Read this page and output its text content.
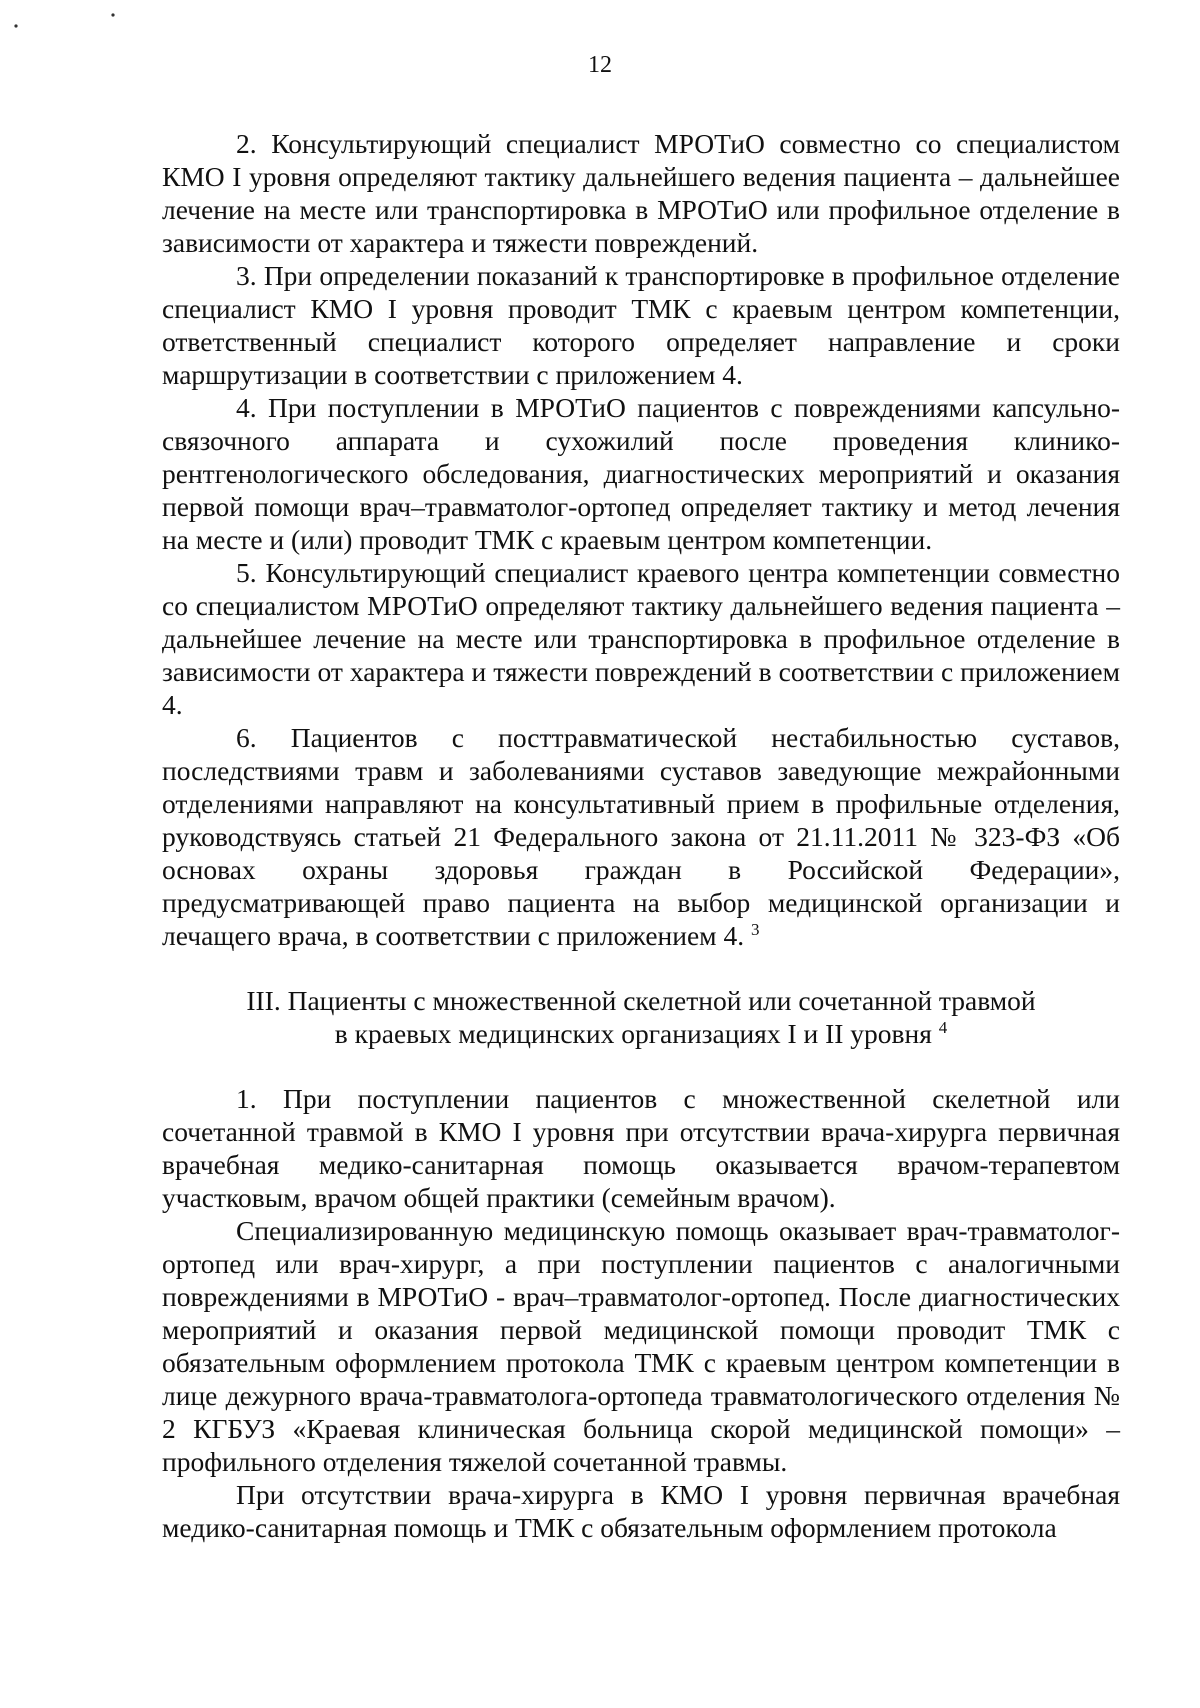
12

2. Консультирующий специалист МРОТиО совместно со специалистом КМО I уровня определяют тактику дальнейшего ведения пациента – дальнейшее лечение на месте или транспортировка в МРОТиО или профильное отделение в зависимости от характера и тяжести повреждений.

3. При определении показаний к транспортировке в профильное отделение специалист КМО I уровня проводит ТМК с краевым центром компетенции, ответственный специалист которого определяет направление и сроки маршрутизации в соответствии с приложением 4.

4. При поступлении в МРОТиО пациентов с повреждениями капсульно-связочного аппарата и сухожилий после проведения клинико-рентгенологического обследования, диагностических мероприятий и оказания первой помощи врач–травматолог-ортопед определяет тактику и метод лечения на месте и (или) проводит ТМК с краевым центром компетенции.

5. Консультирующий специалист краевого центра компетенции совместно со специалистом МРОТиО определяют тактику дальнейшего ведения пациента – дальнейшее лечение на месте или транспортировка в профильное отделение в зависимости от характера и тяжести повреждений в соответствии с приложением 4.

6. Пациентов с посттравматической нестабильностью суставов, последствиями травм и заболеваниями суставов заведующие межрайонными отделениями направляют на консультативный прием в профильные отделения, руководствуясь статьей 21 Федерального закона от 21.11.2011 № 323-ФЗ «Об основах охраны здоровья граждан в Российской Федерации», предусматривающей право пациента на выбор медицинской организации и лечащего врача, в соответствии с приложением 4. $^3$

III. Пациенты с множественной скелетной или сочетанной травмой
в краевых медицинских организациях I и II уровня $^4$

1. При поступлении пациентов с множественной скелетной или сочетанной травмой в КМО I уровня при отсутствии врача-хирурга первичная врачебная медико-санитарная помощь оказывается врачом-терапевтом участковым, врачом общей практики (семейным врачом).

Специализированную медицинскую помощь оказывает врач-травматолог-ортопед или врач-хирург, а при поступлении пациентов с аналогичными повреждениями в МРОТиО - врач–травматолог-ортопед. После диагностических мероприятий и оказания первой медицинской помощи проводит ТМК с обязательным оформлением протокола ТМК с краевым центром компетенции в лице дежурного врача-травматолога-ортопеда травматологического отделения № 2 КГБУЗ «Краевая клиническая больница скорой медицинской помощи» – профильного отделения тяжелой сочетанной травмы.

При отсутствии врача-хирурга в КМО I уровня первичная врачебная медико-санитарная помощь и ТМК с обязательным оформлением протокола
